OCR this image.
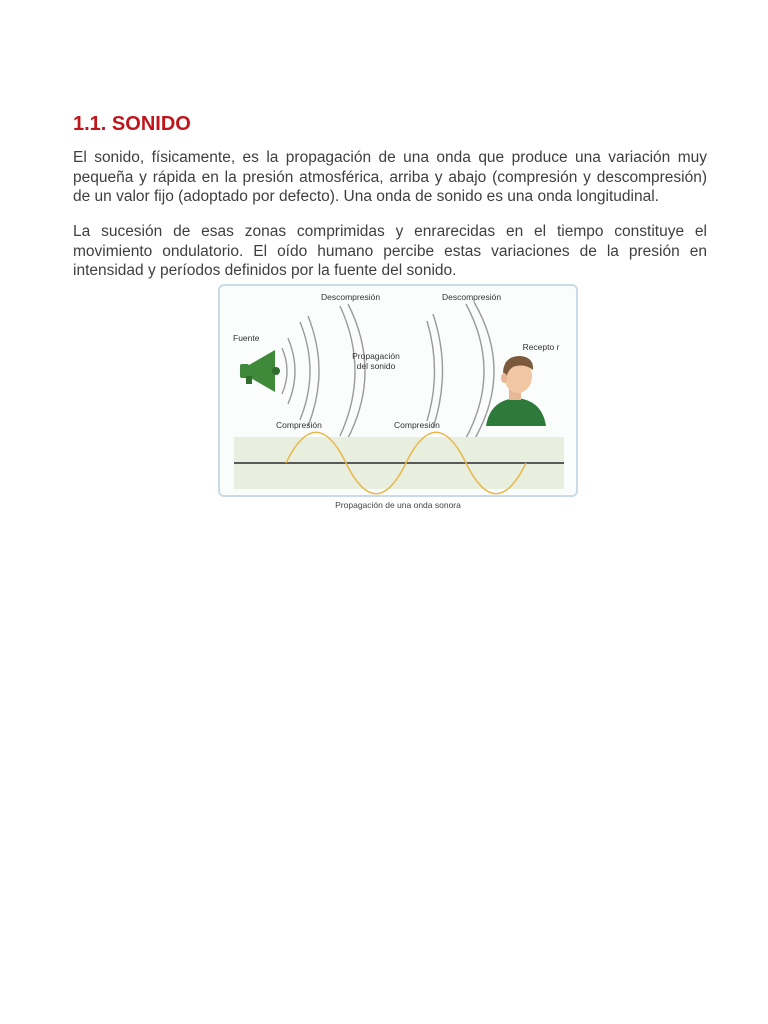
1.1. SONIDO

El sonido, físicamente, es la propagación de una onda que produce una variación muy pequeña y rápida en la presión atmosférica, arriba y abajo (compresión y descompresión) de un valor fijo (adoptado por defecto). Una onda de sonido es una onda longitudinal.

La sucesión de esas zonas comprimidas y enrarecidas en el tiempo constituye el movimiento ondulatorio. El oído humano percibe estas variaciones de la presión en intensidad y períodos definidos por la fuente del sonido.

Descompresión	Descompresión
Fuente
Propagación del sonido
Recepto r
Compresión	Compresión
Propagación de una onda sonora
